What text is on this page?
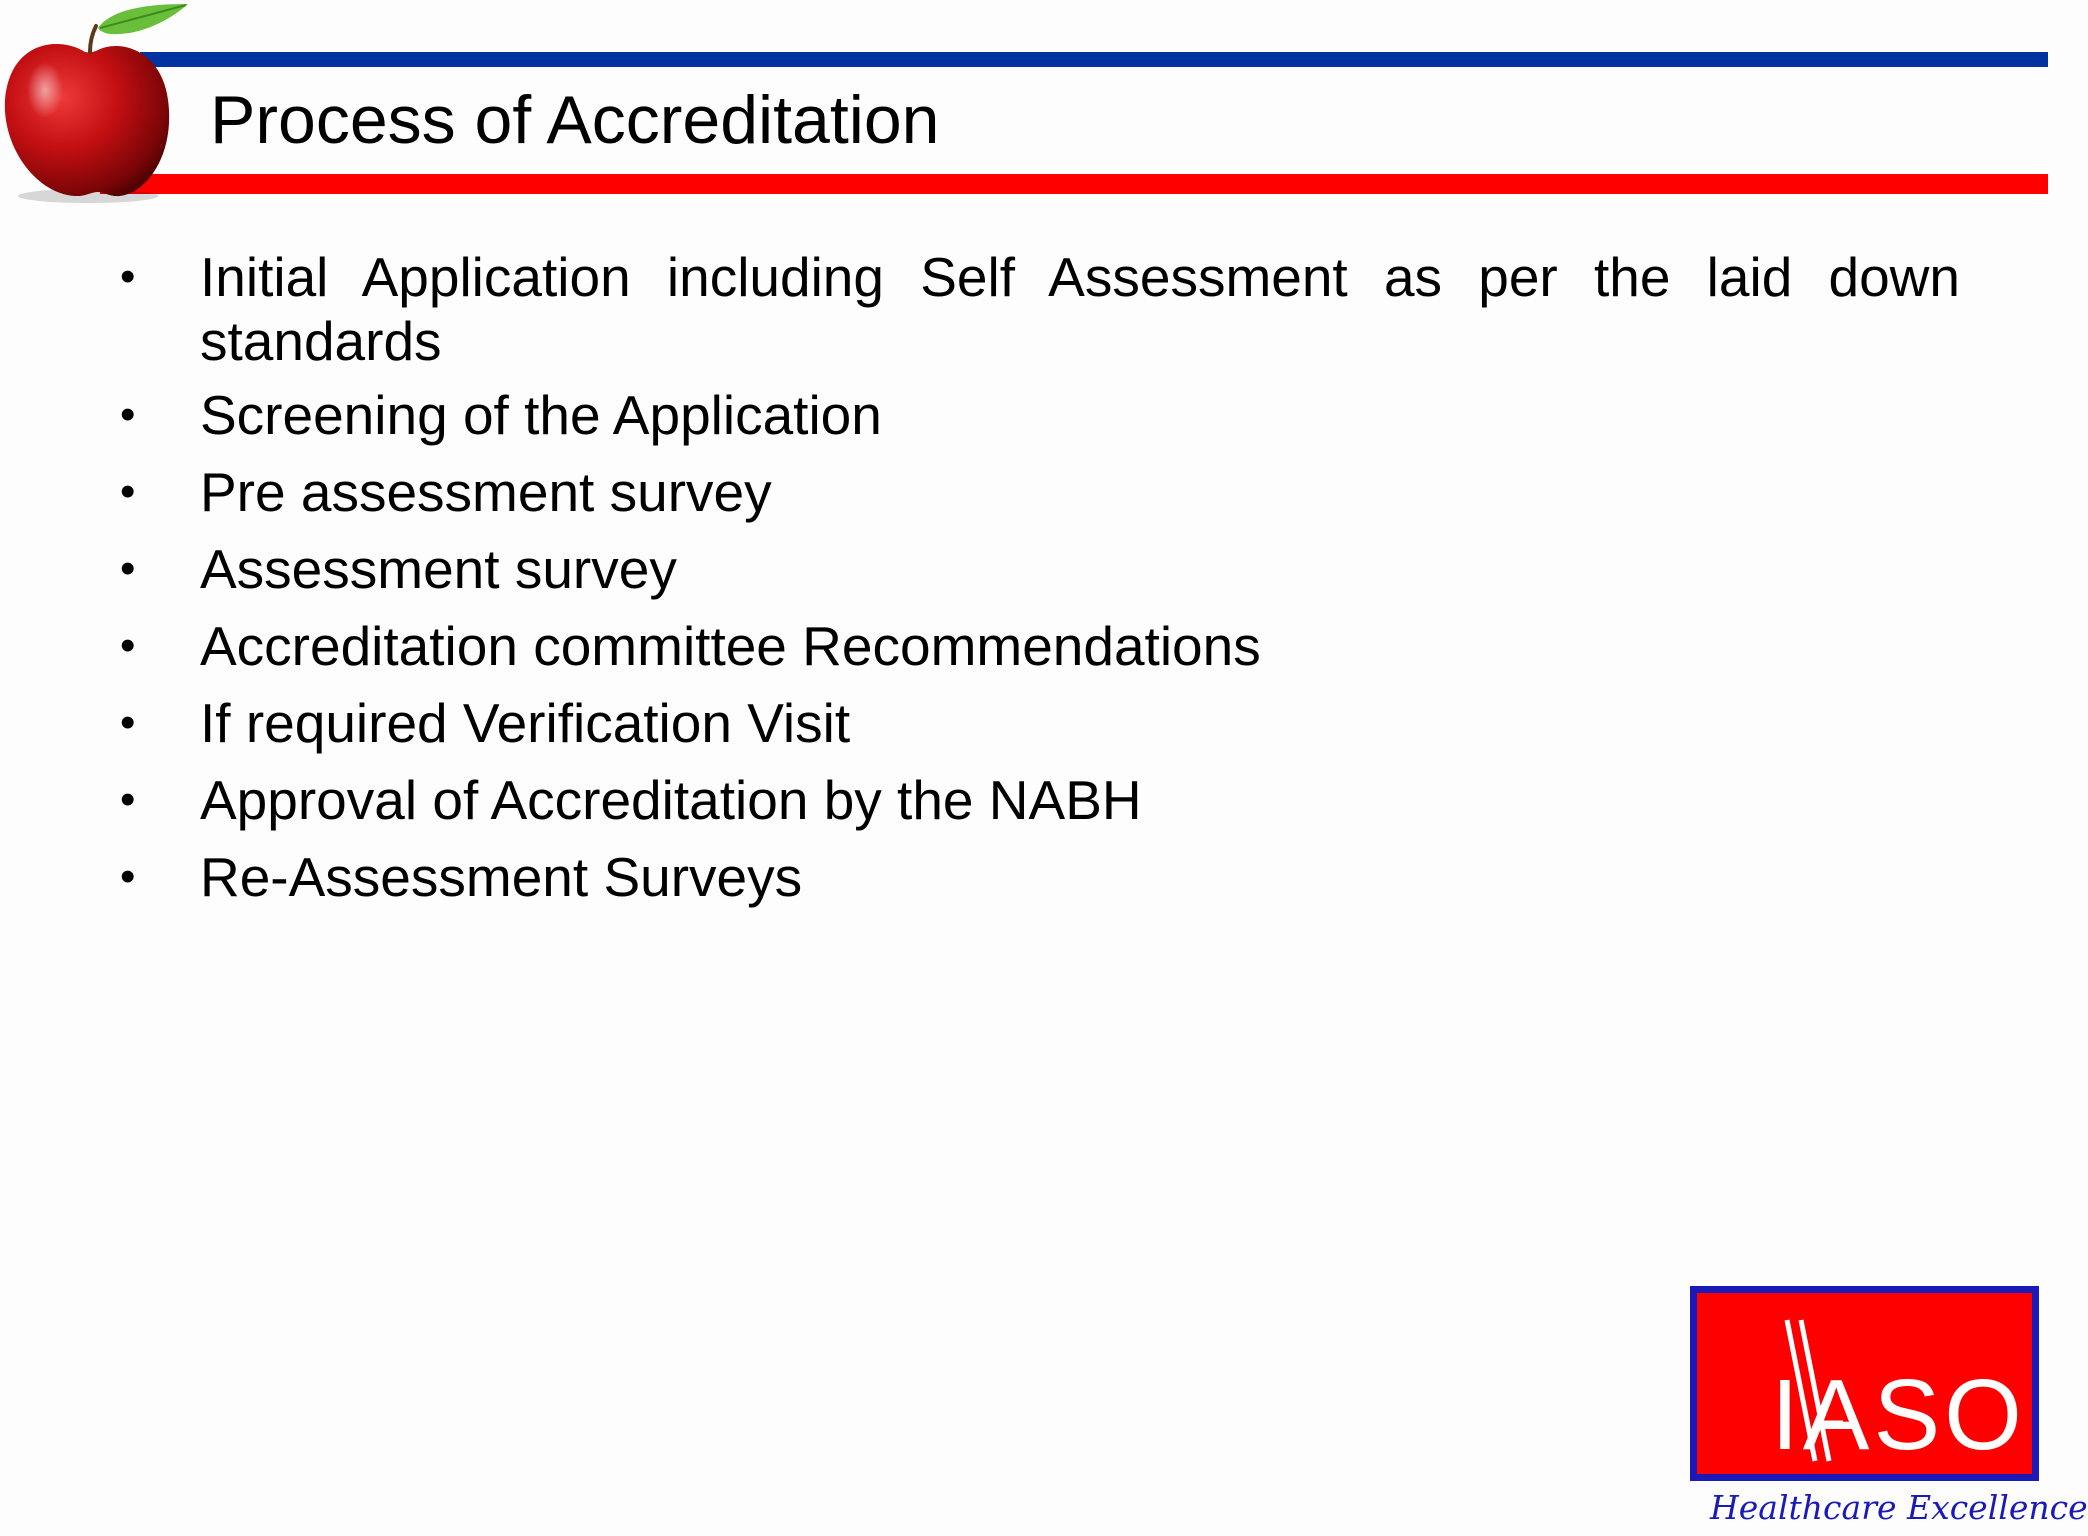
Process of Accreditation
• Initial Application including Self Assessment as per the laid down standards
• Screening of the Application
• Pre assessment survey
• Assessment survey
• Accreditation committee Recommendations
• If required Verification Visit
• Approval of Accreditation by the NABH
• Re-Assessment Surveys
IASO
Healthcare Excellence
